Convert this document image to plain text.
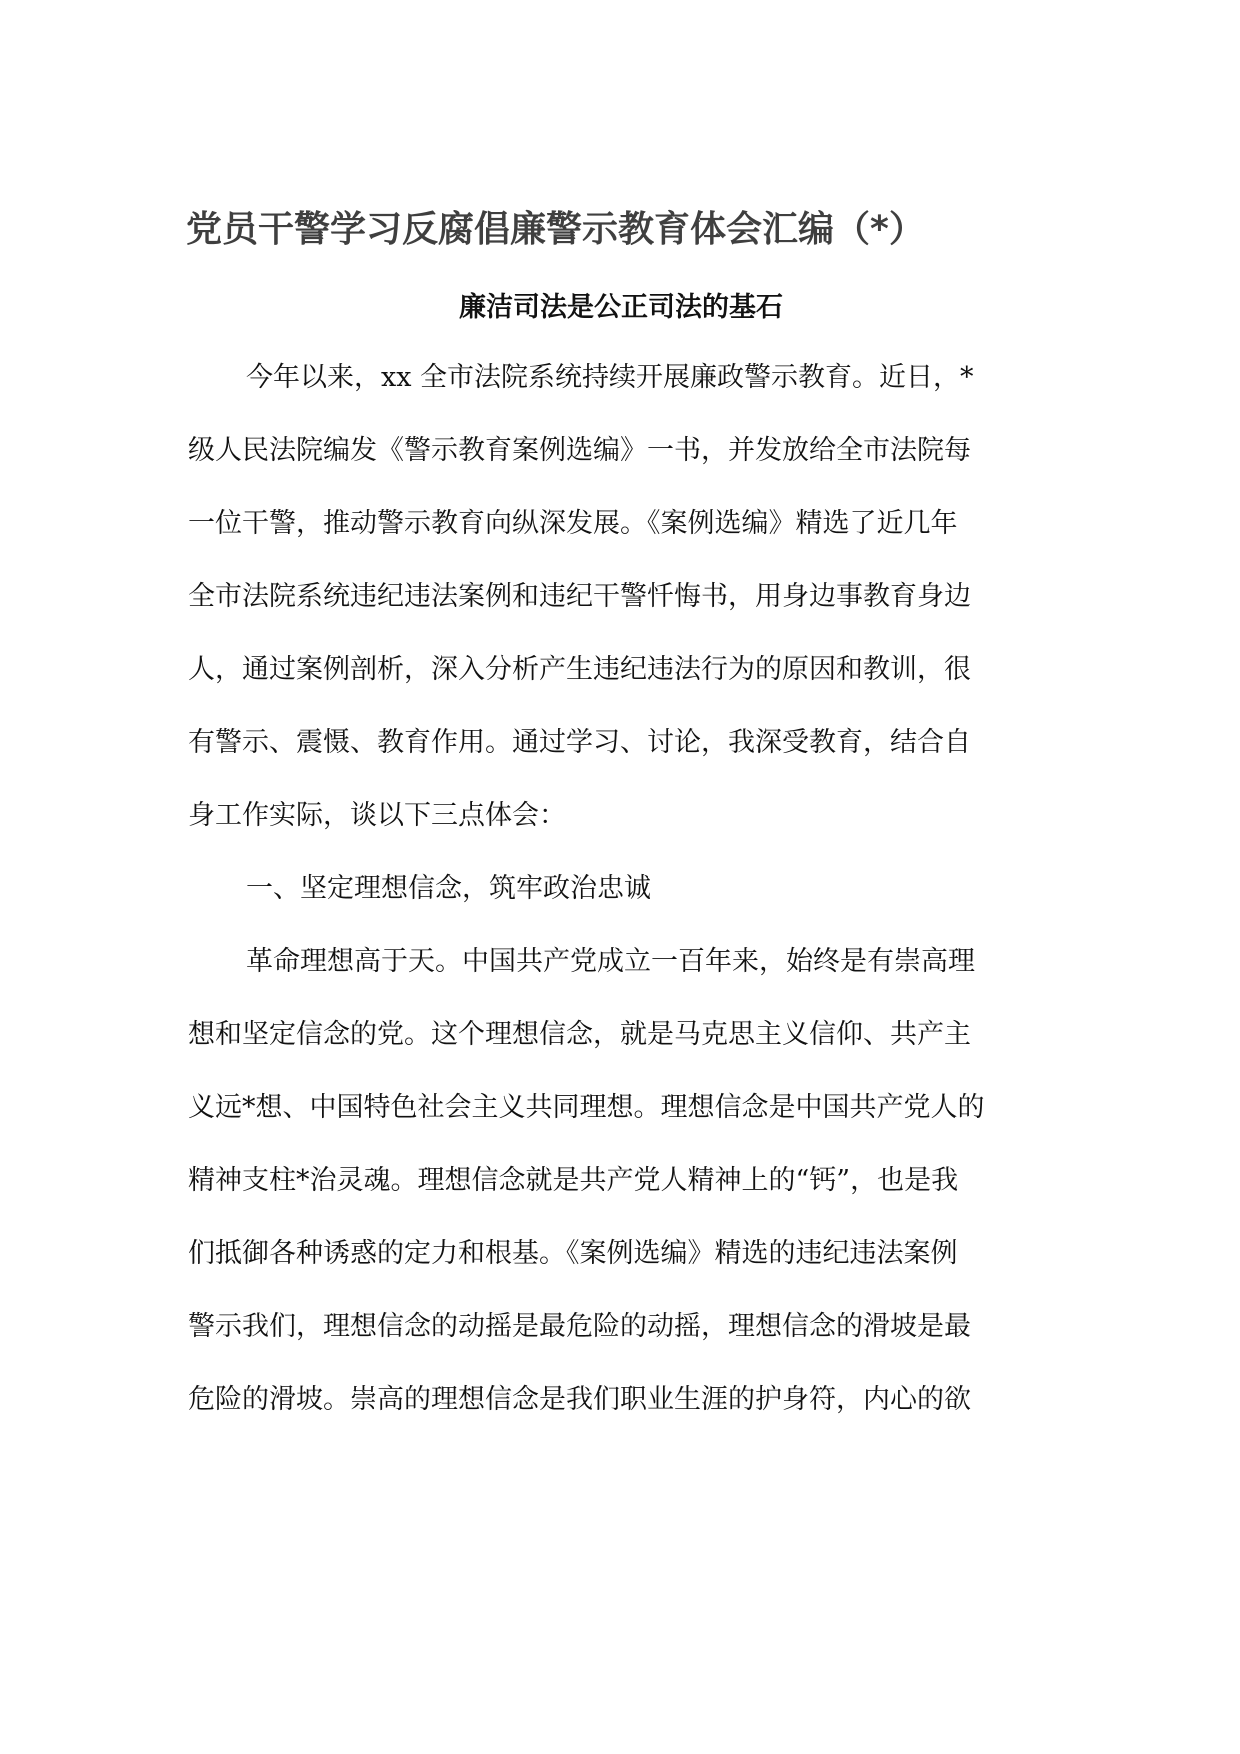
党员干警学习反腐倡廉警示教育体会汇编（*）
廉洁司法是公正司法的基石
今年以来，xx 全市法院系统持续开展廉政警示教育。近日，*
级人民法院编发《警示教育案例选编》一书，并发放给全市法院每
一位干警，推动警示教育向纵深发展。《案例选编》精选了近几年
全市法院系统违纪违法案例和违纪干警忏悔书，用身边事教育身边
人，通过案例剖析，深入分析产生违纪违法行为的原因和教训，很
有警示、震慑、教育作用。通过学习、讨论，我深受教育，结合自
身工作实际，谈以下三点体会：
一、坚定理想信念，筑牢政治忠诚
革命理想高于天。中国共产党成立一百年来，始终是有崇高理
想和坚定信念的党。这个理想信念，就是马克思主义信仰、共产主
义远*想、中国特色社会主义共同理想。理想信念是中国共产党人的
精神支柱*治灵魂。理想信念就是共产党人精神上的“钙”，也是我
们抵御各种诱惑的定力和根基。《案例选编》精选的违纪违法案例
警示我们，理想信念的动摇是最危险的动摇，理想信念的滑坡是最
危险的滑坡。崇高的理想信念是我们职业生涯的护身符，内心的欲
